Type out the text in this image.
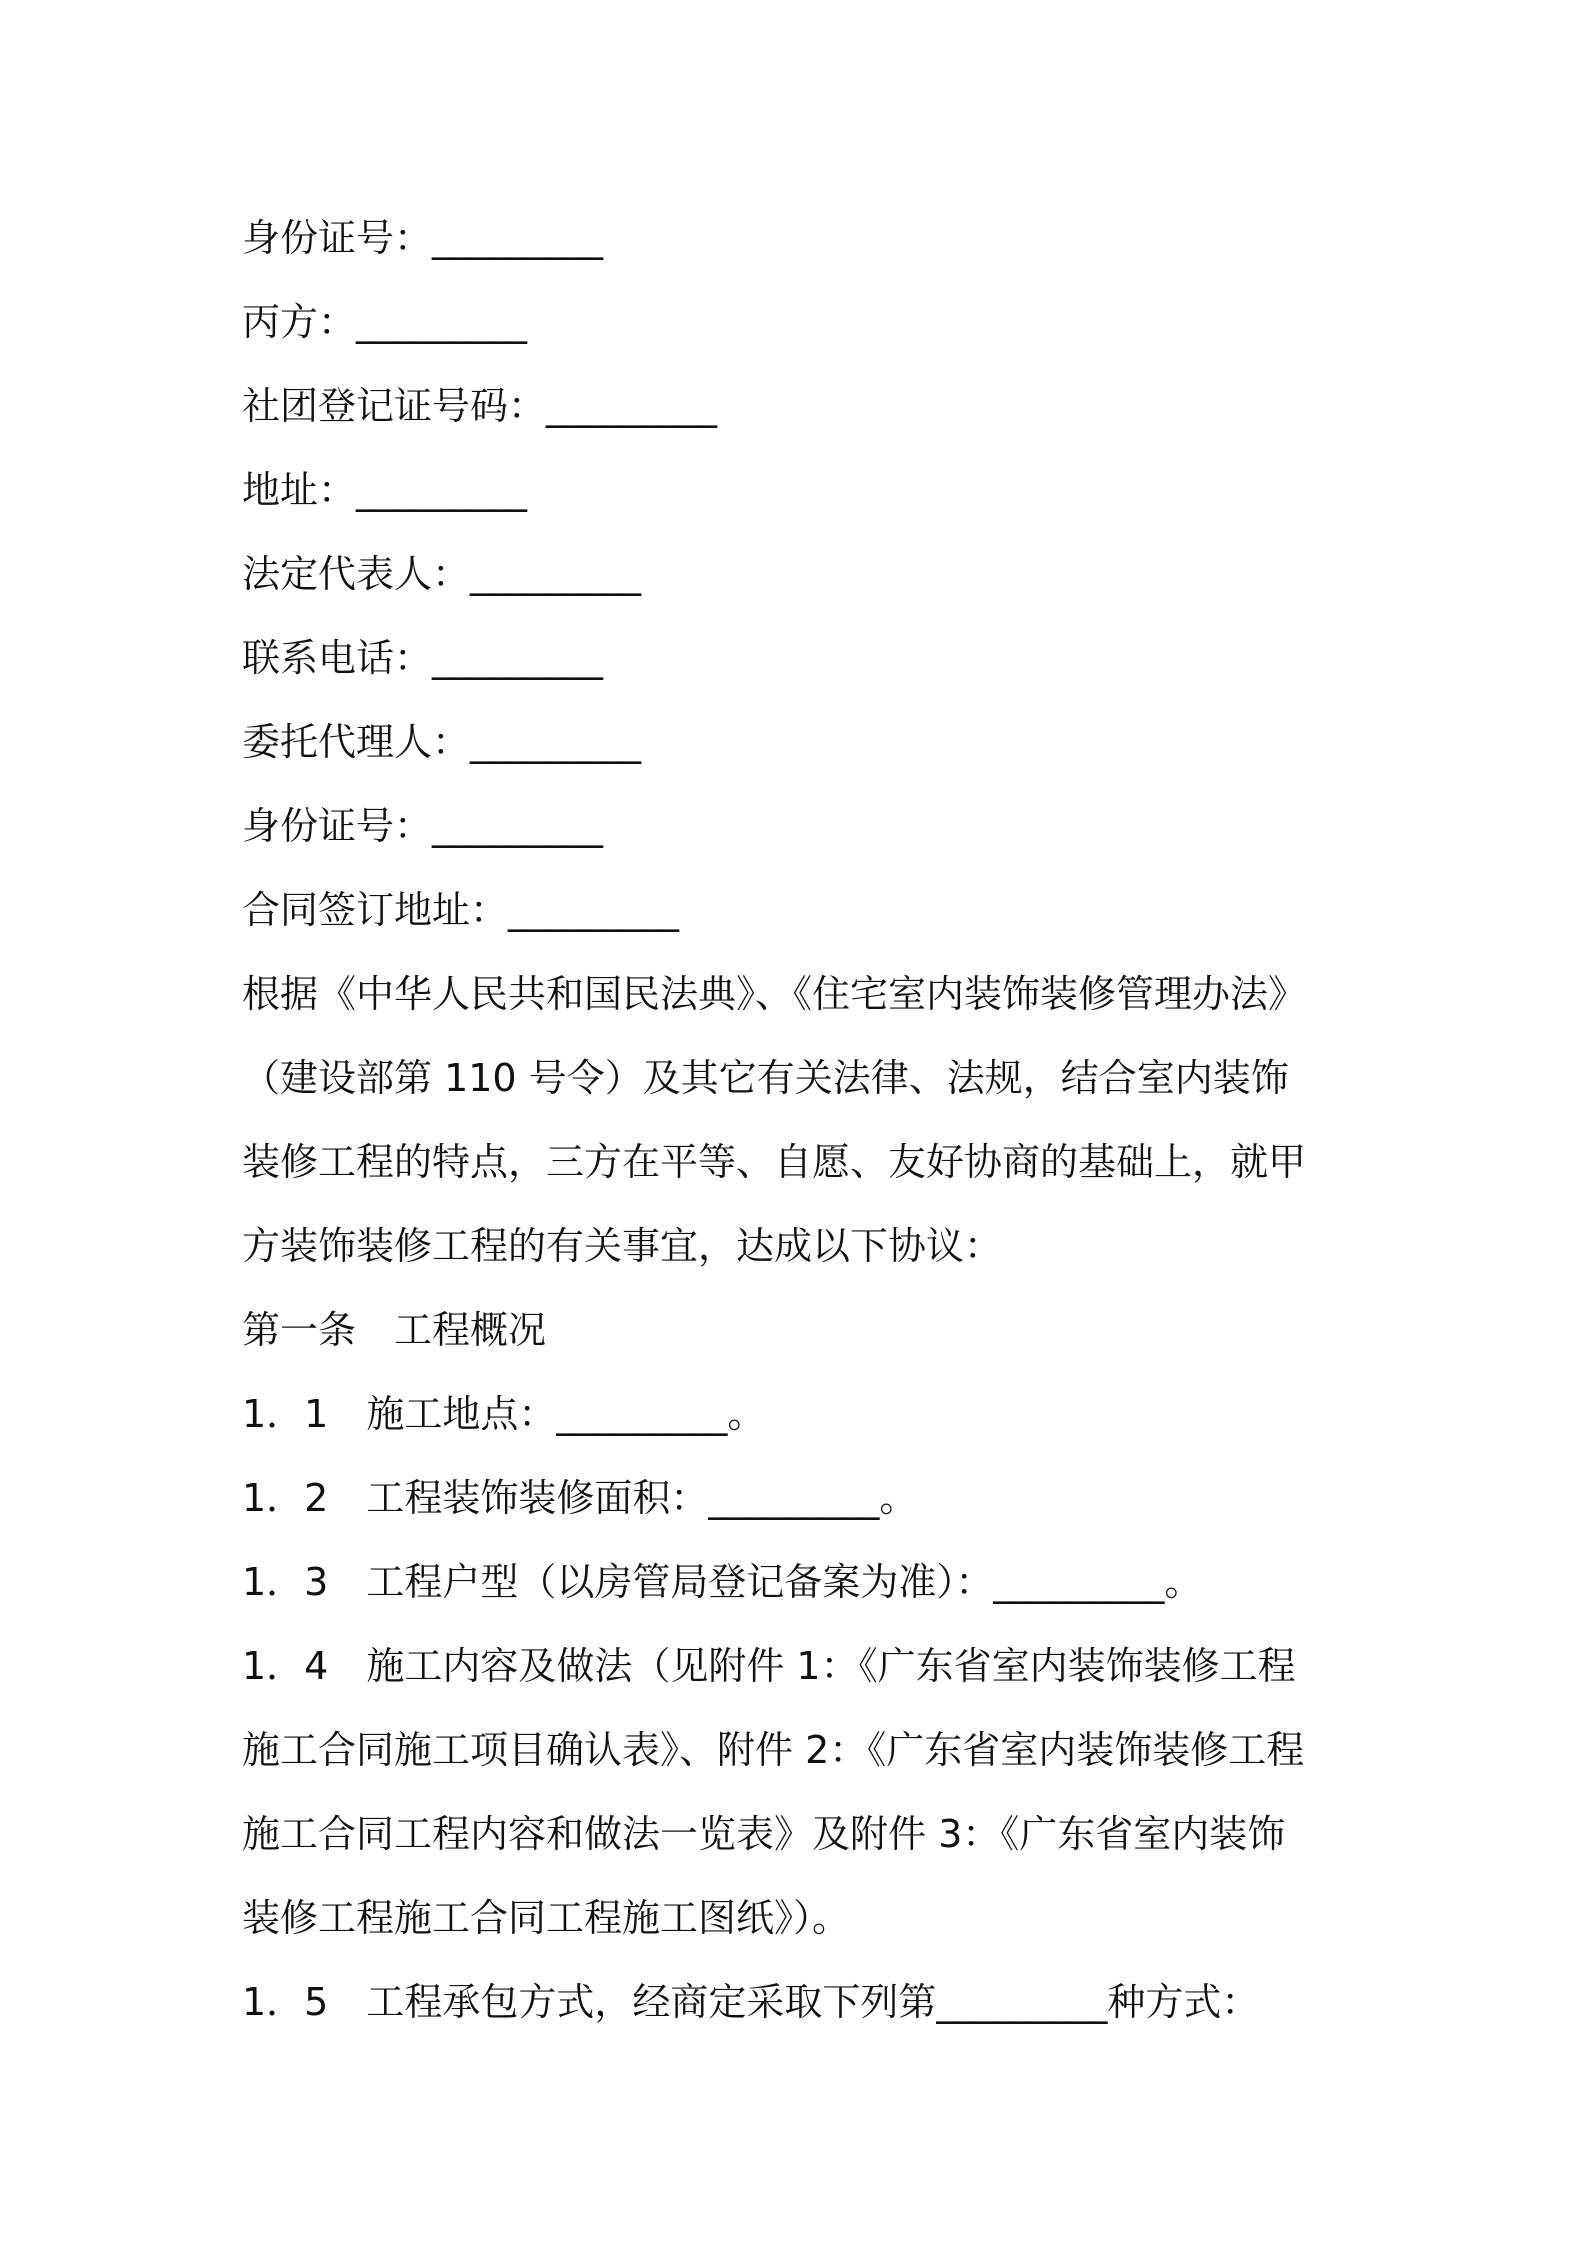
身份证号：_________

丙方：_________

社团登记证号码：_________

地址：_________

法定代表人：_________

联系电话：_________

委托代理人：_________

身份证号：_________

合同签订地址：_________

根据《中华人民共和国民法典》、《住宅室内装饰装修管理办法》

（建设部第 110 号令）及其它有关法律、法规，结合室内装饰

装修工程的特点，三方在平等、自愿、友好协商的基础上，就甲

方装饰装修工程的有关事宜，达成以下协议：

第一条　工程概况

1．1　施工地点：_________。

1．2　工程装饰装修面积：_________。

1．3　工程户型（以房管局登记备案为准）：_________。

1．4　施工内容及做法（见附件 1：《广东省室内装饰装修工程

施工合同施工项目确认表》、附件 2：《广东省室内装饰装修工程

施工合同工程内容和做法一览表》及附件 3：《广东省室内装饰

装修工程施工合同工程施工图纸》）。

1．5　工程承包方式，经商定采取下列第_________种方式：
